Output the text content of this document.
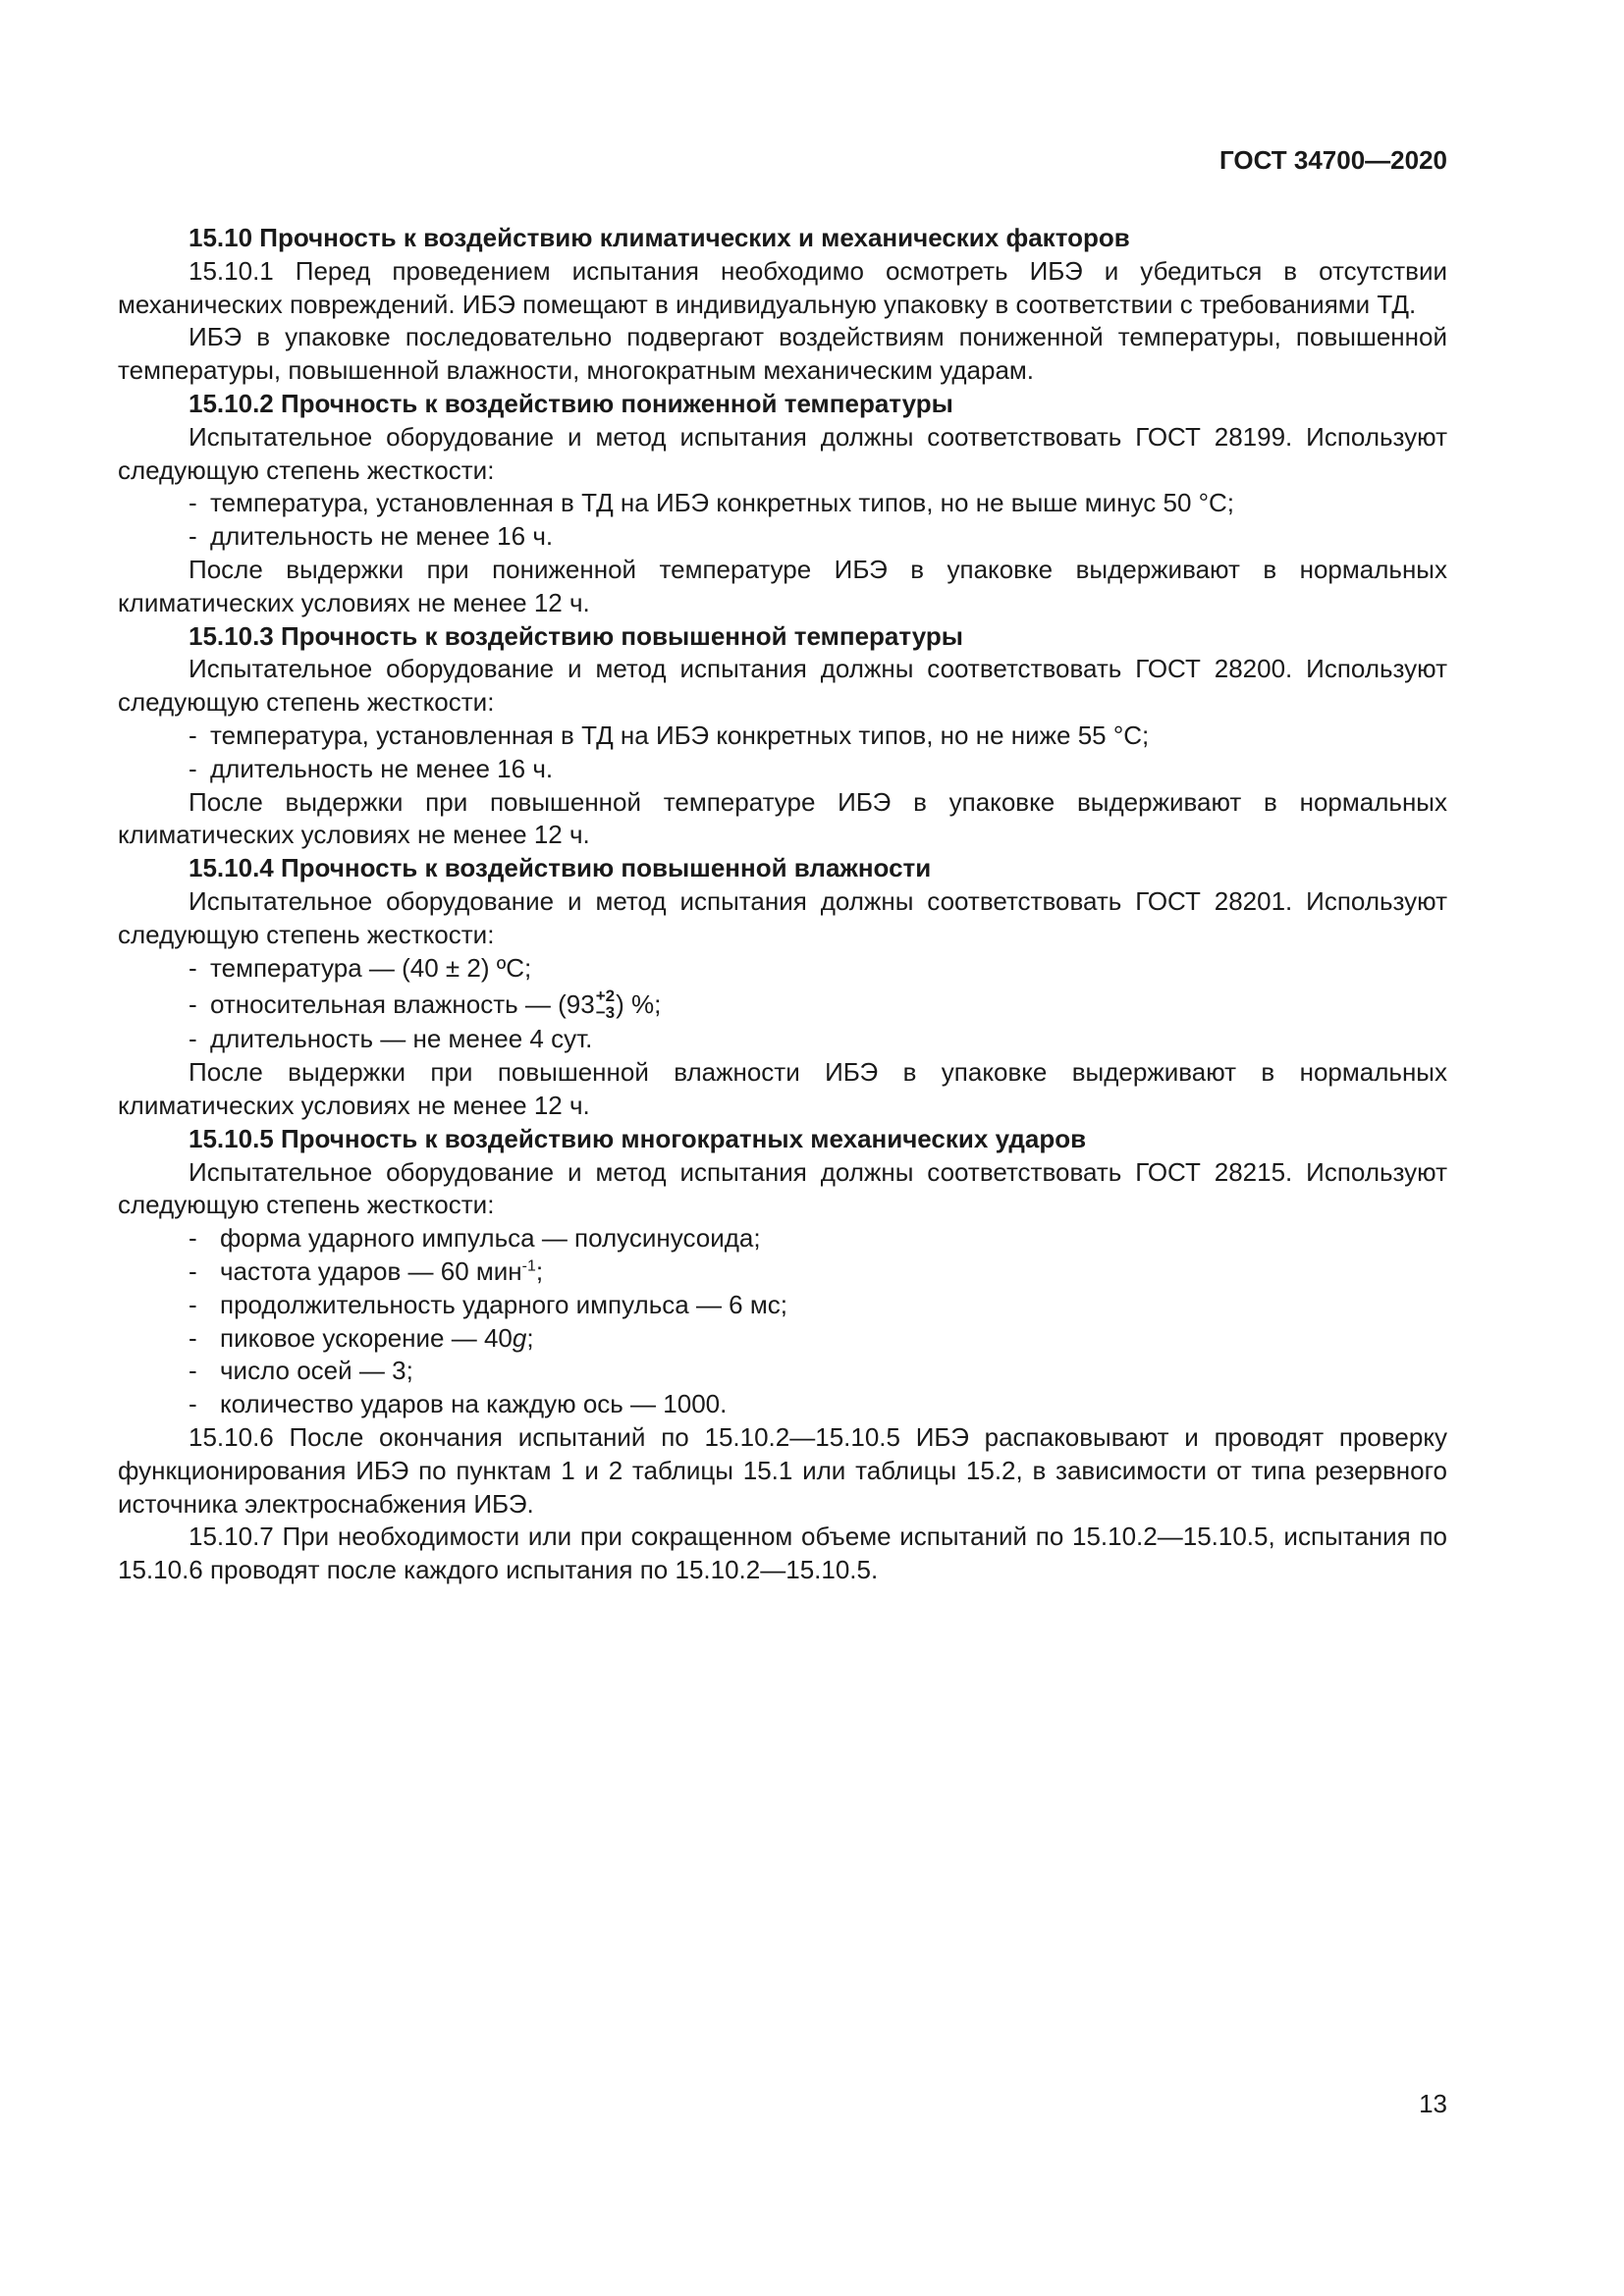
ГОСТ 34700—2020

15.10 Прочность к воздействию климатических и механических факторов

15.10.1 Перед проведением испытания необходимо осмотреть ИБЭ и убедиться в отсутствии механических повреждений. ИБЭ помещают в индивидуальную упаковку в соответствии с требованиями ТД.

ИБЭ в упаковке последовательно подвергают воздействиям пониженной температуры, повышенной температуры, повышенной влажности, многократным механическим ударам.

15.10.2 Прочность к воздействию пониженной температуры

Испытательное оборудование и метод испытания должны соответствовать ГОСТ 28199. Используют следующую степень жесткости:

- температура, установленная в ТД на ИБЭ конкретных типов, но не выше минус 50 °С;

- длительность не менее 16 ч.

После выдержки при пониженной температуре ИБЭ в упаковке выдерживают в нормальных климатических условиях не менее 12 ч.

15.10.3 Прочность к воздействию повышенной температуры

Испытательное оборудование и метод испытания должны соответствовать ГОСТ 28200. Используют следующую степень жесткости:

- температура, установленная в ТД на ИБЭ конкретных типов, но не ниже 55 °С;

- длительность не менее 16 ч.

После выдержки при повышенной температуре ИБЭ в упаковке выдерживают в нормальных климатических условиях не менее 12 ч.

15.10.4 Прочность к воздействию повышенной влажности

Испытательное оборудование и метод испытания должны соответствовать ГОСТ 28201. Используют следующую степень жесткости:

- температура — (40 ± 2) ºС;

- относительная влажность — (93 +2
−3 ) %;

- длительность — не менее 4 сут.

После выдержки при повышенной влажности ИБЭ в упаковке выдерживают в нормальных климатических условиях не менее 12 ч.

15.10.5 Прочность к воздействию многократных механических ударов

Испытательное оборудование и метод испытания должны соответствовать ГОСТ 28215. Используют следующую степень жесткости:

- форма ударного импульса — полусинусоида;

- частота ударов — 60 мин$^{-1}$;

- продолжительность ударного импульса — 6 мс;

- пиковое ускорение — 40g;

- число осей — 3;

- количество ударов на каждую ось — 1000.

15.10.6 После окончания испытаний по 15.10.2—15.10.5 ИБЭ распаковывают и проводят проверку функционирования ИБЭ по пунктам 1 и 2 таблицы 15.1 или таблицы 15.2, в зависимости от типа резервного источника электроснабжения ИБЭ.

15.10.7 При необходимости или при сокращенном объеме испытаний по 15.10.2—15.10.5, испытания по 15.10.6 проводят после каждого испытания по 15.10.2—15.10.5.

13
